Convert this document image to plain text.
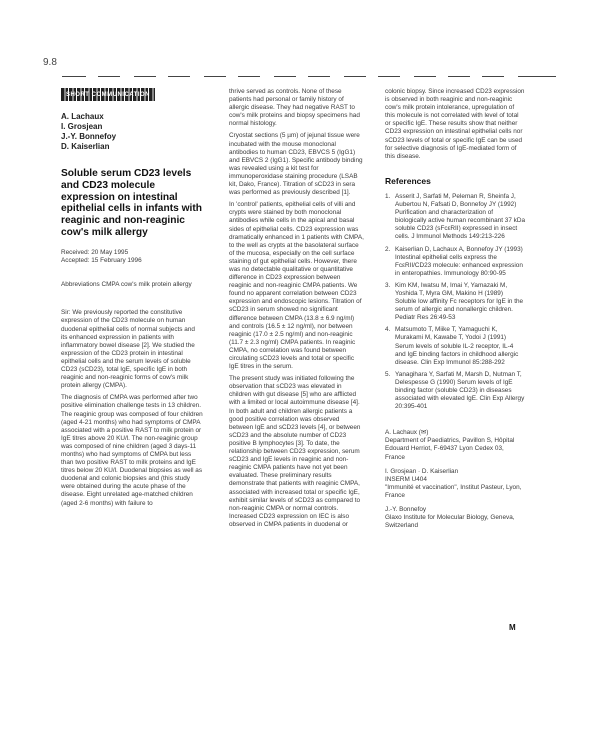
9.8
SHORT COMMUNICATION
A. Lachaux
I. Grosjean
J.-Y. Bonnefoy
D. Kaiserlian
Soluble serum CD23 levels and CD23 molecule expression on intestinal epithelial cells in infants with reaginic and non-reaginic cow's milk allergy
Received: 20 May 1995
Accepted: 15 February 1996
Abbreviations CMPA cow's milk protein allergy

Sir: We previously reported the constitutive expression of the CD23 molecule on human duodenal epithelial cells of normal subjects and its enhanced expression in patients with inflammatory bowel disease [2]. We studied the expression of the CD23 protein in intestinal epithelial cells and the serum levels of soluble CD23 (sCD23), total IgE, specific IgE in both reaginic and non-reaginic forms of cow's milk protein allergy (CMPA).

The diagnosis of CMPA was performed after two positive elimination challenge tests in 13 children. The reaginic group was composed of four children (aged 4-21 months) who had symptoms of CMPA associated with a positive RAST to milk protein or IgE titres above 20 KU/l. The non-reaginic group was composed of nine children (aged 3 days-11 months) who had symptoms of CMPA but less than two positive RAST to milk proteins and IgE titres below 20 KU/l. Duodenal biopsies as well as duodenal and colonic biopsies and (this study were obtained during the acute phase of the disease. Eight unrelated age-matched children (aged 2-6 months) with failure to

thrive served as controls. None of these patients had personal or family history of allergic disease. They had negative RAST to cow's milk proteins and biopsy specimens had normal histology.

Cryostat sections (5 µm) of jejunal tissue were incubated with the mouse monoclonal antibodies to human CD23, EBVCS 5 (IgG1) and EBVCS 2 (IgG1). Specific antibody binding was revealed using a kit test for immunoperoxidase staining procedure (LSAB kit, Dako, France). Titration of sCD23 in sera was performed as previously described [1].

In 'control' patients, epithelial cells of villi and crypts were stained by both monoclonal antibodies while cells in the apical and basal sides of epithelial cells. CD23 expression was dramatically enhanced in 1 patients with CMPA, to the well as crypts at the basolateral surface of the mucosa, especially on the cell surface staining of gut epithelial cells. However, there was no detectable qualitative or quantitative difference in CD23 expression between reaginic and non-reaginic CMPA patients. We found no apparent correlation between CD23 expression and endoscopic lesions. Titration of sCD23 in serum showed no significant difference between CMPA (13.8 ± 6.9 ng/ml) and controls (16.5 ± 12 ng/ml), nor between reaginic (17.0 ± 2.5 ng/ml) and non-reaginic (11.7 ± 2.3 ng/ml) CMPA patients. In reaginic CMPA, no correlation was found between circulating sCD23 levels and total or specific IgE titres in the serum.

The present study was initiated following the observation that sCD23 was elevated in children with gut disease [5] who are afflicted with a limited or local autoimmune disease [4]. In both adult and children allergic patients a good positive correlation was observed between IgE and sCD23 levels [4], or between sCD23 and the absolute number of CD23 positive B lymphocytes [3]. To date, the relationship between CD23 expression, serum sCD23 and IgE levels in reaginic and non-reaginic CMPA patients have not yet been evaluated. These preliminary results demonstrate that patients with reaginic CMPA, associated with increased total or specific IgE, exhibit similar levels of sCD23 as compared to non-reaginic CMPA or normal controls. Increased CD23 expression on IEC is also observed in CMPA patients in duodenal or

colonic biopsy. Since increased CD23 expression is observed in both reaginic and non-reaginic cow's milk protein intolerance, upregulation of this molecule is not correlated with level of total or specific IgE. These results show that neither CD23 expression on intestinal epithelial cells nor sCD23 levels of total or specific IgE can be used for selective diagnosis of IgE-mediated form of this disease.

References
1. Asserit J, Sarfati M, Peleman R, Sheinfa J, Aubertou N, Fafsati D, Bonnefoy JY (1992) Purification and characterization of biologically active human recombinant 37 kDa soluble CD23 (sFcεRII) expressed in insect cells. J Immunol Methods 149:213-226
2. Kaiserlian D, Lachaux A, Bonnefoy JY (1993) Intestinal epithelial cells express the FcεRII/CD23 molecule: enhanced expression in enteropathies. Immunology 80:90-95
3. Kim KM, Iwatsu M, Imai Y, Yamazaki M, Yoshida T, Myra GM, Makino H (1989) Soluble low affinity Fc receptors for IgE in the serum of allergic and nonallergic children. Pediatr Res 26:49-53
4. Matsumoto T, Miike T, Yamaguchi K, Murakami M, Kawabe T, Yodoi J (1991) Serum levels of soluble IL-2 receptor, IL-4 and IgE binding factors in childhood allergic disease. Clin Exp Immunol 85:288-292
5. Yanagihara Y, Sarfati M, Marsh D, Nutman T, Delespesse G (1990) Serum levels of IgE binding factor (soluble CD23) in diseases associated with elevated IgE. Clin Exp Allergy 20:395-401

A. Lachaux (✉)
Department of Paediatrics, Pavillon S, Hôpital Edouard Herriot, F-69437 Lyon Cedex 03, France

I. Grosjean · D. Kaiserlian
INSERM U404
"Immunité et vaccination", Institut Pasteur, Lyon, France

J.-Y. Bonnefoy
Glaxo Institute for Molecular Biology, Geneva, Switzerland

M
